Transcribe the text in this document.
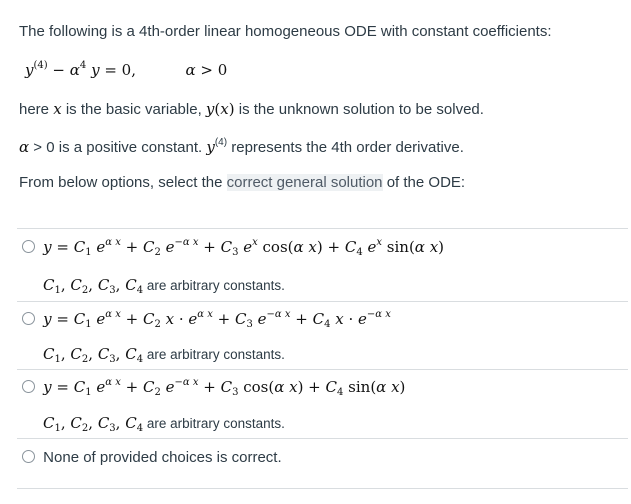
The following is a 4th-order linear homogeneous ODE with constant coefficients:
$y^{(4)} - \alpha^4$ y = 0,	α > 0
here x is the basic variable, y(x) is the unknown solution to be solved.
α > 0 is a positive constant. $y^{(4)}$ represents the 4th order derivative.
From below options, select the correct general solution of the ODE:
$y = C_1$ $e^{\alpha x} + C_2$ $e^{-\alpha x} + C_3$ $e^x$ cos(α $x) + C_4$ $e^x$ sin(α x)
$C_1$, $C_2$, $C_3$, $C_4$ are arbitrary constants.
$y = C_1$ $e^{\alpha x} + C_2$ $x \cdot e^{\alpha x} + C_3$ $e^{-\alpha x} + C_4$ $x \cdot e^{-\alpha x}$
$C_1$, $C_2$, $C_3$, $C_4$ are arbitrary constants.
$y = C_1$ $e^{\alpha x} + C_2$ $e^{-\alpha x} + C_3$ cos(α $x) + C_4$ sin(α x)
$C_1$, $C_2$, $C_3$, $C_4$ are arbitrary constants.
None of provided choices is correct.
